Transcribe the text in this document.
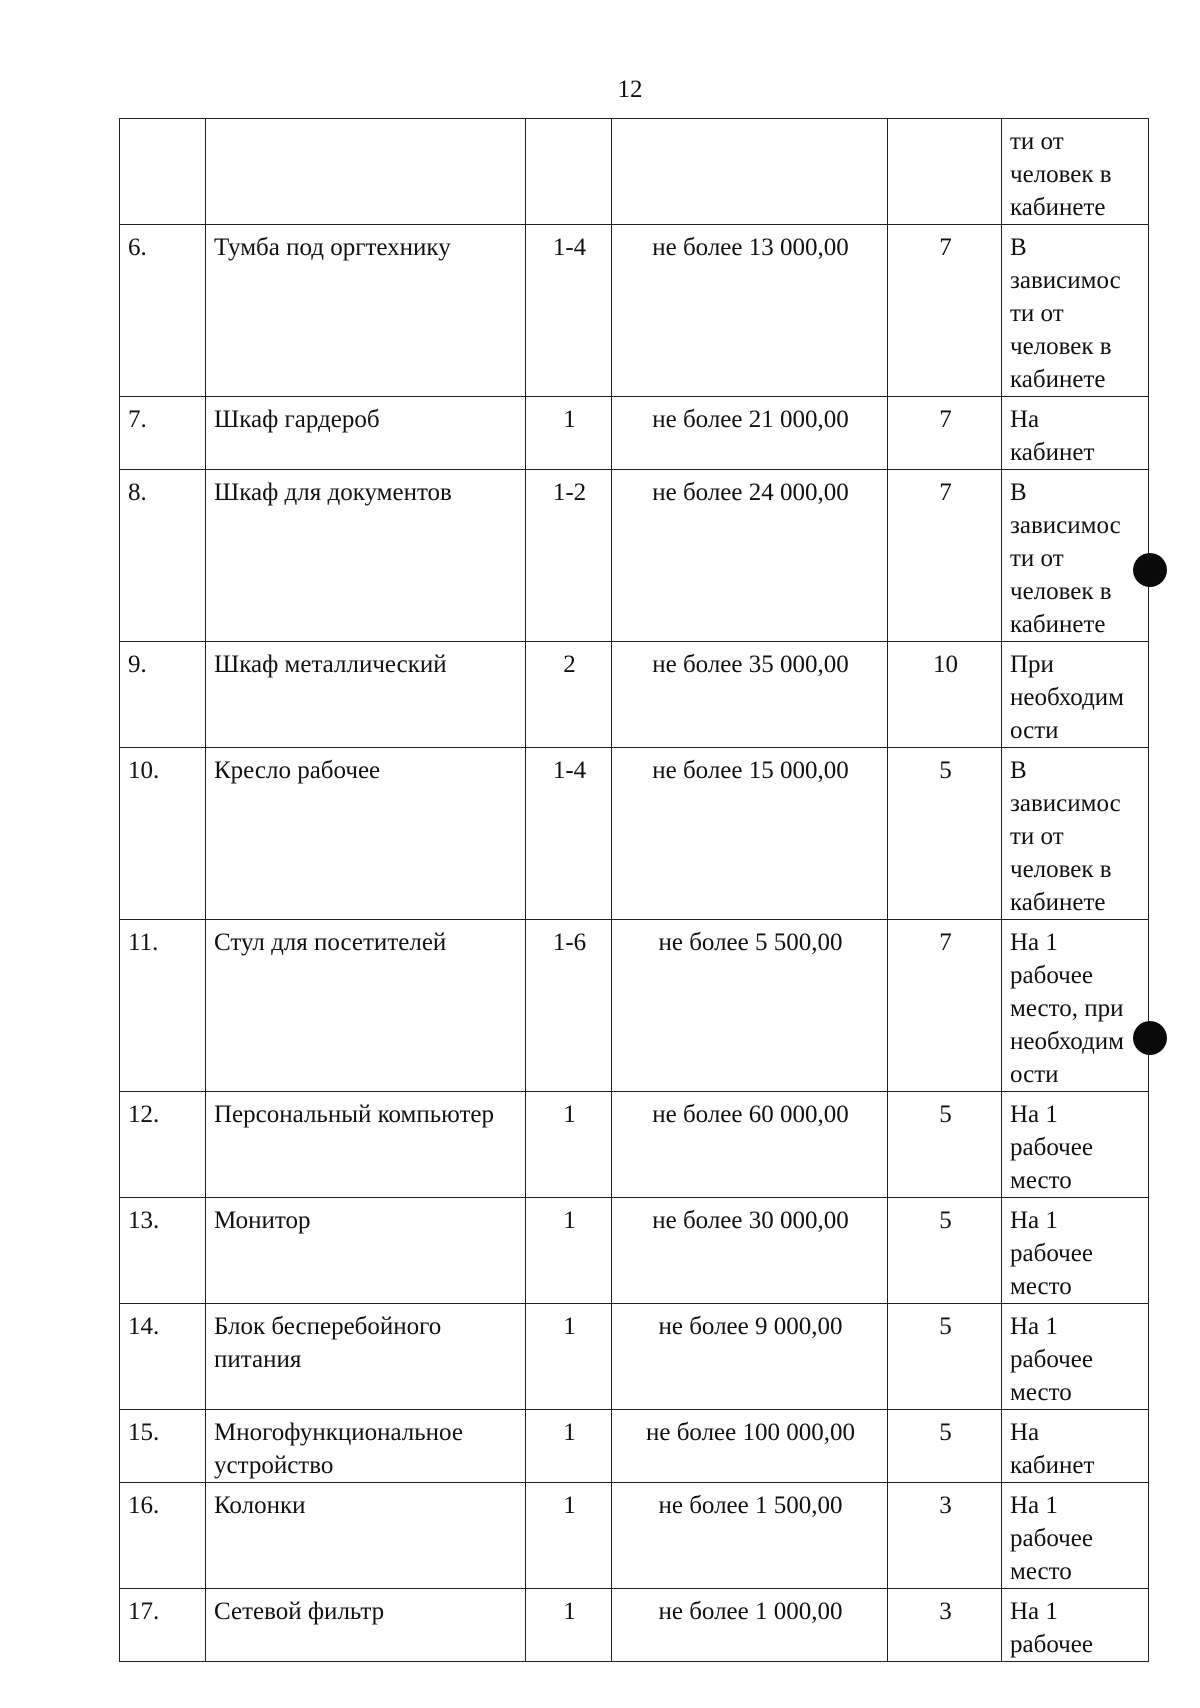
12
					ти от
человек в
кабинете
6.	Тумба под оргтехнику	1-4	не более 13 000,00	7	В
зависимос
ти от
человек в
кабинете
7.	Шкаф гардероб	1	не более 21 000,00	7	На
кабинет
8.	Шкаф для документов	1-2	не более 24 000,00	7	В
зависимос
ти от
человек в
кабинете
9.	Шкаф металлический	2	не более 35 000,00	10	При
необходим
ости
10.	Кресло рабочее	1-4	не более 15 000,00	5	В
зависимос
ти от
человек в
кабинете
11.	Стул для посетителей	1-6	не более 5 500,00	7	На 1
рабочее
место, при
необходим
ости
12.	Персональный компьютер	1	не более 60 000,00	5	На 1
рабочее
место
13.	Монитор	1	не более 30 000,00	5	На 1
рабочее
место
14.	Блок бесперебойного питания	1	не более 9 000,00	5	На 1
рабочее
место
15.	Многофункциональное устройство	1	не более 100 000,00	5	На
кабинет
16.	Колонки	1	не более 1 500,00	3	На 1
рабочее
место
17.	Сетевой фильтр	1	не более 1 000,00	3	На 1
рабочее
